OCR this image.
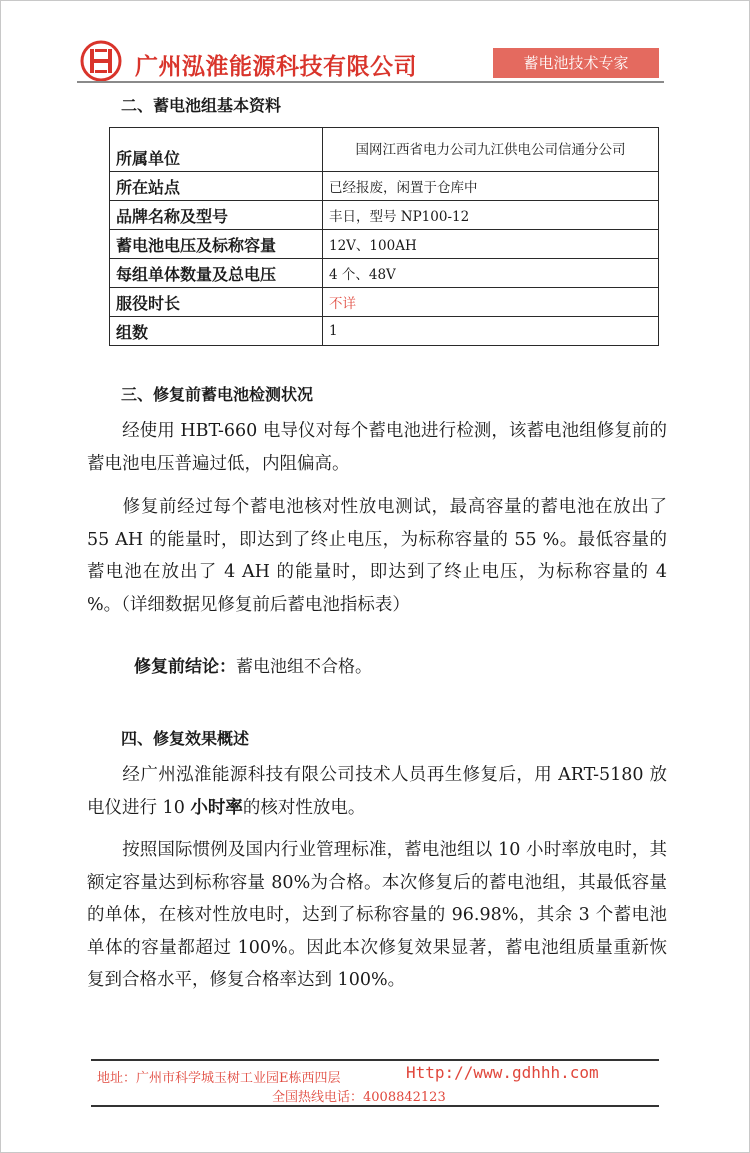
广州泓淮能源科技有限公司	蓄电池技术专家
二、蓄电池组基本资料
所属单位	国网江西省电力公司九江供电公司信通分公司
所在站点	已经报废，闲置于仓库中
品牌名称及型号	丰日，型号 NP100-12
蓄电池电压及标称容量	12V、100AH
每组单体数量及总电压	4 个、48V
服役时长	不详
组数	1
三、修复前蓄电池检测状况
经使用 HBT-660 电导仪对每个蓄电池进行检测，该蓄电池组修复前的蓄电池电压普遍过低，内阻偏高。
修复前经过每个蓄电池核对性放电测试，最高容量的蓄电池在放出了 55 AH 的能量时，即达到了终止电压，为标称容量的 55 %。最低容量的蓄电池在放出了 4 AH 的能量时，即达到了终止电压，为标称容量的 4 %。（详细数据见修复前后蓄电池指标表）
修复前结论：蓄电池组不合格。
四、修复效果概述
经广州泓淮能源科技有限公司技术人员再生修复后，用 ART-5180 放电仪进行 10 小时率的核对性放电。
按照国际惯例及国内行业管理标准，蓄电池组以 10 小时率放电时，其额定容量达到标称容量 80%为合格。本次修复后的蓄电池组，其最低容量的单体，在核对性放电时，达到了标称容量的 96.98%，其余 3 个蓄电池单体的容量都超过 100%。因此本次修复效果显著，蓄电池组质量重新恢复到合格水平，修复合格率达到 100%。
地址：广州市科学城玉树工业园E栋西四层	Http://www.gdhhh.com
全国热线电话：4008842123
